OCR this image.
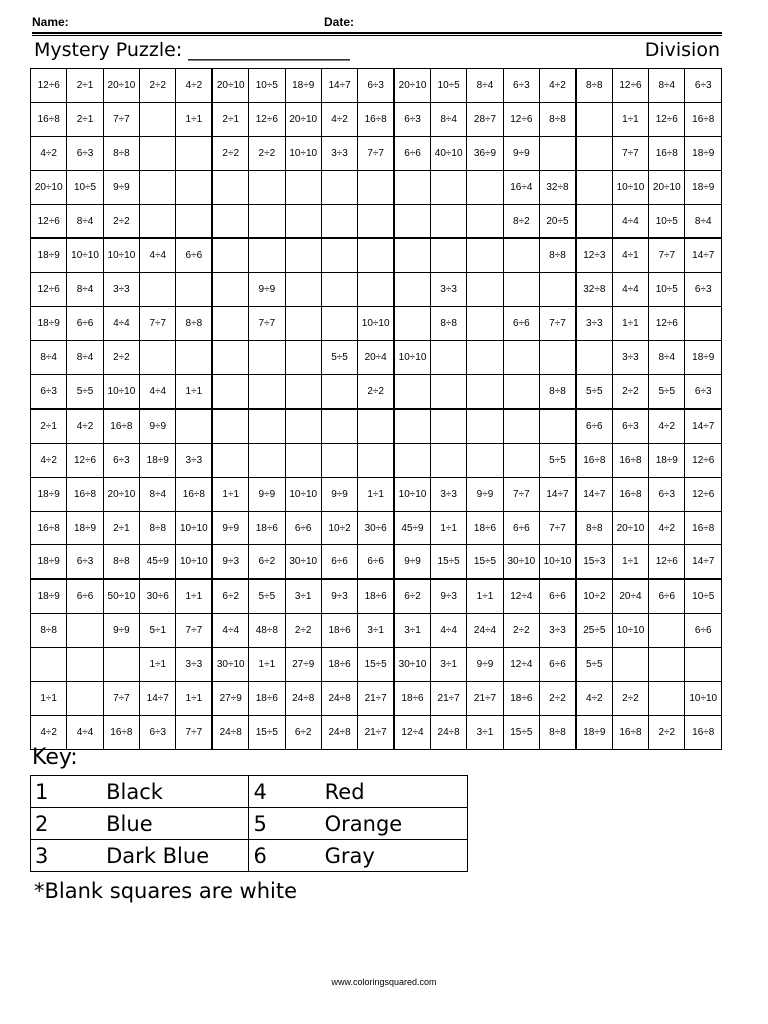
Name:	Date:
Mystery Puzzle: _________________	Division
12÷6	2÷1	20÷10	2÷2	4÷2	20÷10	10÷5	18÷9	14÷7	6÷3	20÷10	10÷5	8÷4	6÷3	4÷2	8÷8	12÷6	8÷4	6÷3
16÷8	2÷1	7÷7		1÷1	2÷1	12÷6	20÷10	4÷2	16÷8	6÷3	8÷4	28÷7	12÷6	8÷8		1÷1	12÷6	16÷8
4÷2	6÷3	8÷8			2÷2	2÷2	10÷10	3÷3	7÷7	6÷6	40÷10	36÷9	9÷9			7÷7	16÷8	18÷9
20÷10	10÷5	9÷9											16÷4	32÷8		10÷10	20÷10	18÷9
12÷6	8÷4	2÷2											8÷2	20÷5		4÷4	10÷5	8÷4
18÷9	10÷10	10÷10	4÷4	6÷6										8÷8	12÷3	4÷1	7÷7	14÷7
12÷6	8÷4	3÷3				9÷9					3÷3				32÷8	4÷4	10÷5	6÷3
18÷9	6÷6	4÷4	7÷7	8÷8		7÷7			10÷10		8÷8		6÷6	7÷7	3÷3	1÷1	12÷6	
8÷4	8÷4	2÷2						5÷5	20÷4	10÷10						3÷3	8÷4	18÷9
6÷3	5÷5	10÷10	4÷4	1÷1					2÷2					8÷8	5÷5	2÷2	5÷5	6÷3
2÷1	4÷2	16÷8	9÷9												6÷6	6÷3	4÷2	14÷7
4÷2	12÷6	6÷3	18÷9	3÷3										5÷5	16÷8	16÷8	18÷9	12÷6
18÷9	16÷8	20÷10	8÷4	16÷8	1÷1	9÷9	10÷10	9÷9	1÷1	10÷10	3÷3	9÷9	7÷7	14÷7	14÷7	16÷8	6÷3	12÷6
16÷8	18÷9	2÷1	8÷8	10÷10	9÷9	18÷6	6÷6	10÷2	30÷6	45÷9	1÷1	18÷6	6÷6	7÷7	8÷8	20÷10	4÷2	16÷8
18÷9	6÷3	8÷8	45÷9	10÷10	9÷3	6÷2	30÷10	6÷6	6÷6	9÷9	15÷5	15÷5	30÷10	10÷10	15÷3	1÷1	12÷6	14÷7
18÷9	6÷6	50÷10	30÷6	1÷1	6÷2	5÷5	3÷1	9÷3	18÷6	6÷2	9÷3	1÷1	12÷4	6÷6	10÷2	20÷4	6÷6	10÷5
8÷8		9÷9	5÷1	7÷7	4÷4	48÷8	2÷2	18÷6	3÷1	3÷1	4÷4	24÷4	2÷2	3÷3	25÷5	10÷10		6÷6
			1÷1	3÷3	30÷10	1÷1	27÷9	18÷6	15÷5	30÷10	3÷1	9÷9	12÷4	6÷6	5÷5			
1÷1		7÷7	14÷7	1÷1	27÷9	18÷6	24÷8	24÷8	21÷7	18÷6	21÷7	21÷7	18÷6	2÷2	4÷2	2÷2		10÷10
4÷2	4÷4	16÷8	6÷3	7÷7	24÷8	15÷5	6÷2	24÷8	21÷7	12÷4	24÷8	3÷1	15÷5	8÷8	18÷9	16÷8	2÷2	16÷8
Key:
1	Black	4	Red
2	Blue	5	Orange
3	Dark Blue	6	Gray
*Blank squares are white
www.coloringsquared.com
